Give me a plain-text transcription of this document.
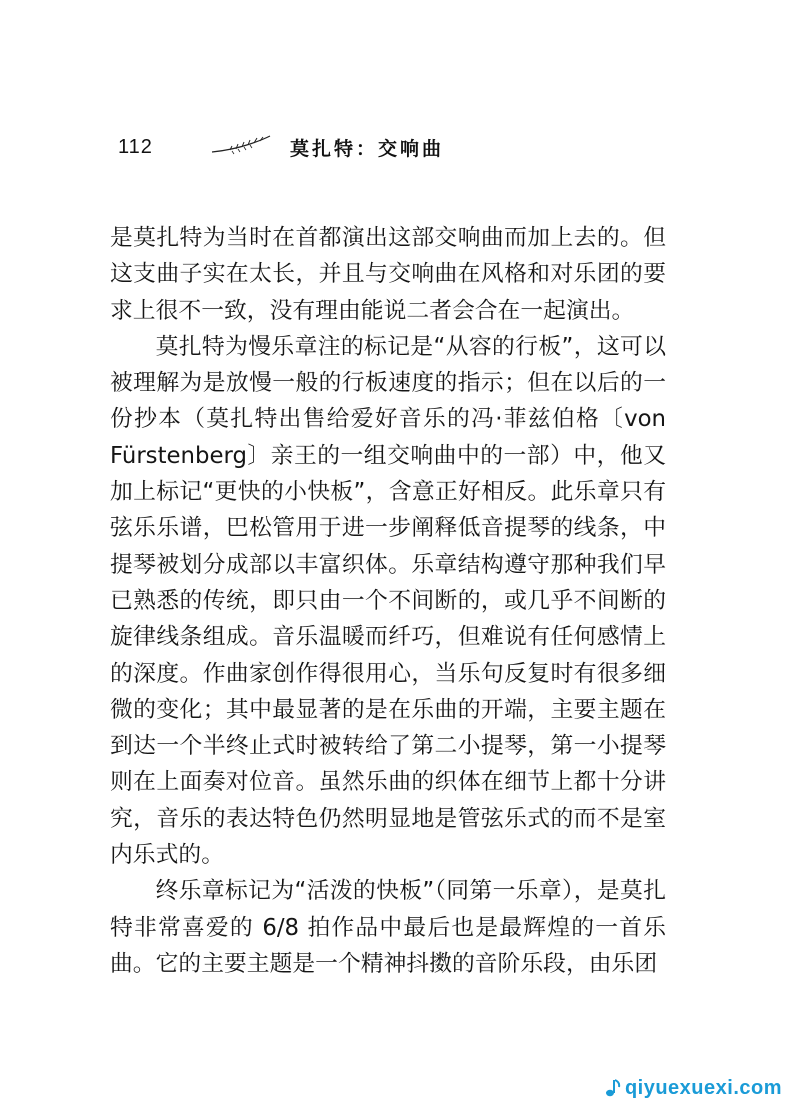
112	莫扎特：交响曲

是莫扎特为当时在首都演出这部交响曲而加上去的。但这支曲子实在太长，并且与交响曲在风格和对乐团的要求上很不一致，没有理由能说二者会合在一起演出。

莫扎特为慢乐章注的标记是“从容的行板”，这可以被理解为是放慢一般的行板速度的指示；但在以后的一份抄本（莫扎特出售给爱好音乐的冯·菲兹伯格〔von Fürstenberg〕亲王的一组交响曲中的一部）中，他又加上标记“更快的小快板”，含意正好相反。此乐章只有弦乐乐谱，巴松管用于进一步阐释低音提琴的线条，中提琴被划分成部以丰富织体。乐章结构遵守那种我们早已熟悉的传统，即只由一个不间断的，或几乎不间断的旋律线条组成。音乐温暖而纤巧，但难说有任何感情上的深度。作曲家创作得很用心，当乐句反复时有很多细微的变化；其中最显著的是在乐曲的开端，主要主题在到达一个半终止式时被转给了第二小提琴，第一小提琴则在上面奏对位音。虽然乐曲的织体在细节上都十分讲究，音乐的表达特色仍然明显地是管弦乐式的而不是室内乐式的。

终乐章标记为“活泼的快板”（同第一乐章），是莫扎特非常喜爱的 6/8 拍作品中最后也是最辉煌的一首乐曲。它的主要主题是一个精神抖擞的音阶乐段，由乐团

qiyuexuexi.com
